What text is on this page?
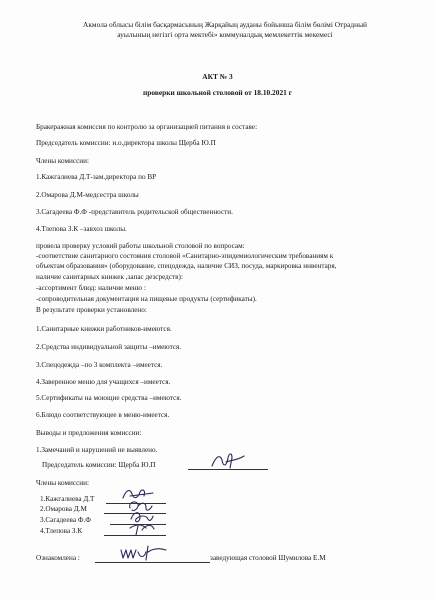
Акмола облысы білім басқармасының Жарқайың ауданы бойынша білім бөлімі Отрадный
ауылының негізгі орта мектебі» коммуналдық мемлекеттік мекемесі
АКТ № 3
проверки школьной столовой от 18.10.2021 г
Бракеражная комиссия по контролю за организацией питания в составе:
Председатель комиссии: и.о.директора школы Щерба Ю.П
Члены комиссии:
1.Кажгалиева Д.Т-зам.директора по ВР
2.Омарова Д.М-медсестра школы
3.Сагадеева Ф.Ф -представитель родительской общественности.
4.Тлепова З.К –завхоз школы.
провела проверку условий работы школьной столовой по вопросам:
-соответствие санитарного состояния столовой «Санитарно-эпидемиологическим требованиям к
объектам образования» (оборудование, спецодежда, наличие СИЗ, посуда, маркировка инвентаря,
наличие санитарных книжек ,запас дезсредств):
-ассортимент блюд: наличие меню :
-сопроводительная документация на пищевые продукты (сертификаты).
В результате проверки установлено:
1.Санитарные книжки работников-имеются.
2.Средства индивидуальной защиты –имеются.
3.Спецодежда –по 3 комплекта –имеется.
4.Заверенное меню для учащихся –имеется.
5.Сертификаты на моющие средства –имеются.
6.Блюдо соответствующее в меню-имеется.
Выводы и предложения комиссии:
1.Замечаний и нарушений не выявлено.
Председатель комиссии: Щерба Ю.П
Члены комиссии:
1.Кажгалиева Д.Т
2.Омарова Д.М
3.Сагадеева Ф.Ф
4.Тлепова З.К
Ознакомлена :	заведующая столовой Шумилова Е.М
